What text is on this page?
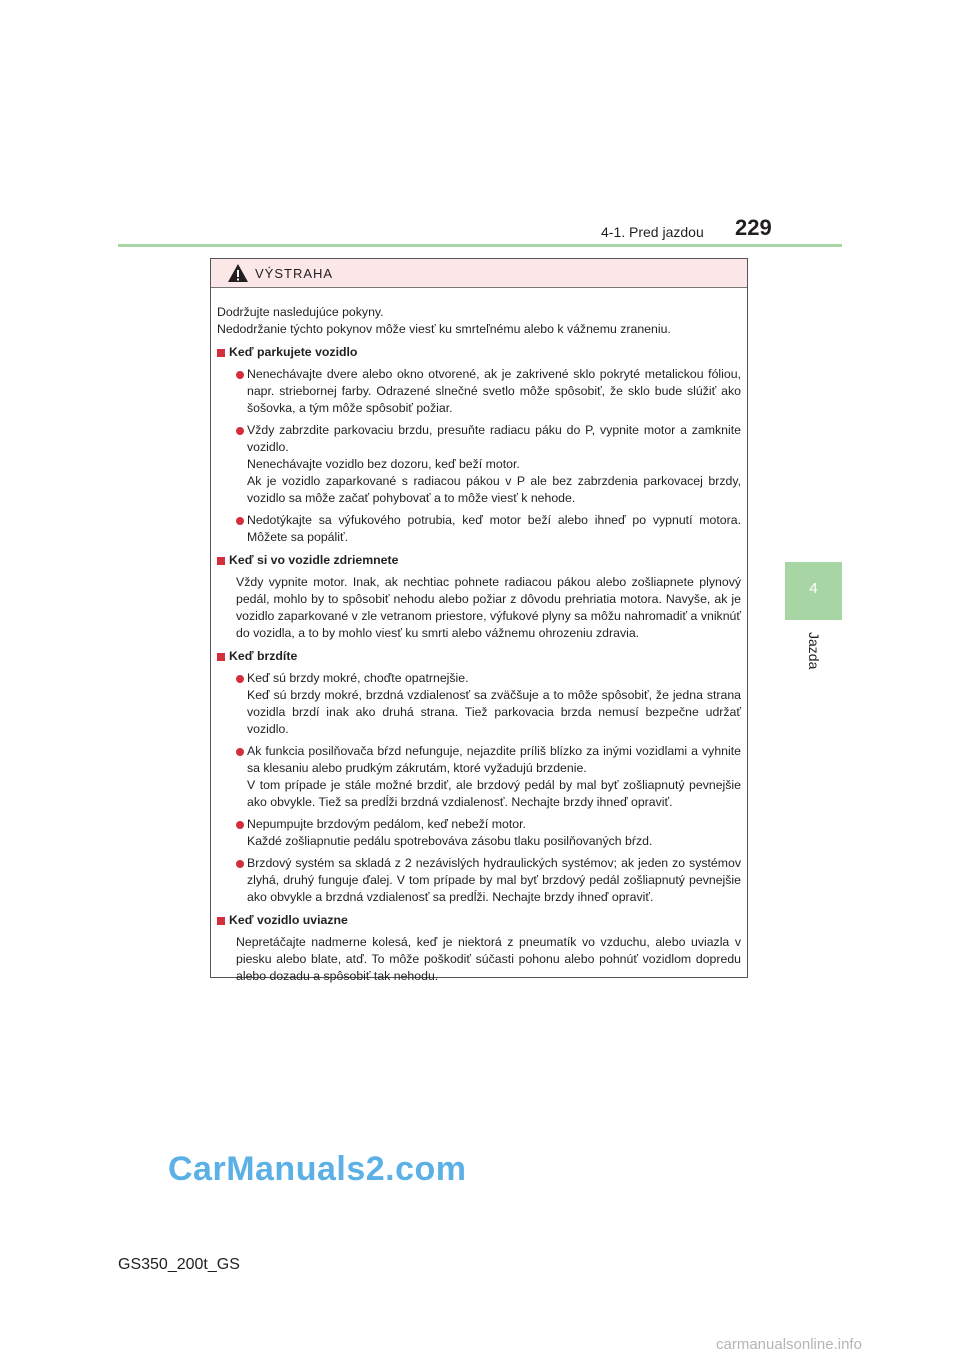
4-1. Pred jazdou 229
4
Jazda
VÝSTRAHA

Dodržujte nasledujúce pokyny.

Nedodržanie týchto pokynov môže viesť ku smrteľnému alebo k vážnemu zraneniu.

Keď parkujete vozidlo

Nenechávajte dvere alebo okno otvorené, ak je zakrivené sklo pokryté metalickou fóliou, napr. striebornej farby. Odrazené slnečné svetlo môže spôsobiť, že sklo bude slúžiť ako šošovka, a tým môže spôsobiť požiar.

Vždy zabrzdite parkovaciu brzdu, presuňte radiacu páku do P, vypnite motor a zamknite vozidlo.

Nenechávajte vozidlo bez dozoru, keď beží motor.

Ak je vozidlo zaparkované s radiacou pákou v P ale bez zabrzdenia parkovacej brzdy, vozidlo sa môže začať pohybovať a to môže viesť k nehode.

Nedotýkajte sa výfukového potrubia, keď motor beží alebo ihneď po vypnutí motora. Môžete sa popáliť.

Keď si vo vozidle zdriemnete
Vždy vypnite motor. Inak, ak nechtiac pohnete radiacou pákou alebo zošliapnete plynový pedál, mohlo by to spôsobiť nehodu alebo požiar z dôvodu prehriatia motora. Navyše, ak je vozidlo zaparkované v zle vetranom priestore, výfukové plyny sa môžu nahromadiť a vniknúť do vozidla, a to by mohlo viesť ku smrti alebo vážnemu ohrozeniu zdravia.
Keď brzdíte

Keď sú brzdy mokré, choďte opatrnejšie.

Keď sú brzdy mokré, brzdná vzdialenosť sa zväčšuje a to môže spôsobiť, že jedna strana vozidla brzdí inak ako druhá strana. Tiež parkovacia brzda nemusí bezpečne udržať vozidlo.

Ak funkcia posilňovača bŕzd nefunguje, nejazdite príliš blízko za inými vozidlami a vyhnite sa klesaniu alebo prudkým zákrutám, ktoré vyžadujú brzdenie.

V tom prípade je stále možné brzdiť, ale brzdový pedál by mal byť zošliapnutý pevnejšie ako obvykle. Tiež sa predĺži brzdná vzdialenosť. Nechajte brzdy ihneď opraviť.

Nepumpujte brzdovým pedálom, keď nebeží motor.

Každé zošliapnutie pedálu spotrebováva zásobu tlaku posilňovaných bŕzd.

Brzdový systém sa skladá z 2 nezávislých hydraulických systémov; ak jeden zo systémov zlyhá, druhý funguje ďalej. V tom prípade by mal byť brzdový pedál zošliapnutý pevnejšie ako obvykle a brzdná vzdialenosť sa predĺži. Nechajte brzdy ihneď opraviť.

Keď vozidlo uviazne
Nepretáčajte nadmerne kolesá, keď je niektorá z pneumatík vo vzduchu, alebo uviazla v piesku alebo blate, atď. To môže poškodiť súčasti pohonu alebo pohnúť vozidlom dopredu alebo dozadu a spôsobiť tak nehodu.
CarManuals2.com
GS350_200t_GS
carmanualsonline.info
